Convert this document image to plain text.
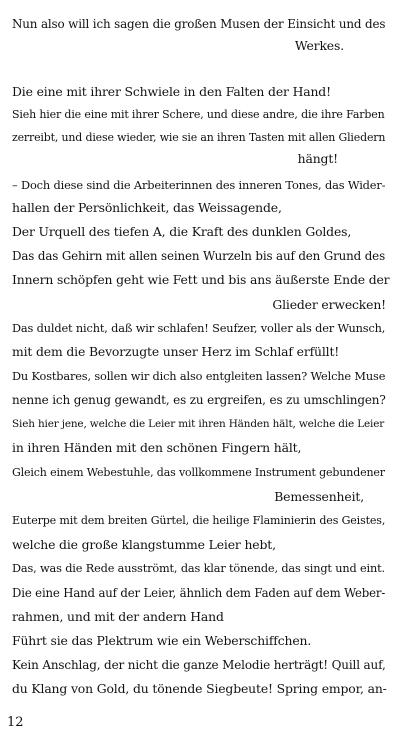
Nun also will ich sagen die großen Musen der Einsicht und des
Werkes.
Die eine mit ihrer Schwiele in den Falten der Hand!
Sieh hier die eine mit ihrer Schere, und diese andre, die ihre Farben
zerreibt, und diese wieder, wie sie an ihren Tasten mit allen Gliedern
hängt!
– Doch diese sind die Arbeiterinnen des inneren Tones, das Wider-
hallen der Persönlichkeit, das Weissagende,
Der Urquell des tiefen A, die Kraft des dunklen Goldes,
Das das Gehirn mit allen seinen Wurzeln bis auf den Grund des
Innern schöpfen geht wie Fett und bis ans äußerste Ende der
Glieder erwecken!
Das duldet nicht, daß wir schlafen! Seufzer, voller als der Wunsch,
mit dem die Bevorzugte unser Herz im Schlaf erfüllt!
Du Kostbares, sollen wir dich also entgleiten lassen? Welche Muse
nenne ich genug gewandt, es zu ergreifen, es zu umschlingen?
Sieh hier jene, welche die Leier mit ihren Händen hält, welche die Leier
in ihren Händen mit den schönen Fingern hält,
Gleich einem Webestuhle, das vollkommene Instrument gebundener
Bemessenheit,
Euterpe mit dem breiten Gürtel, die heilige Flaminierin des Geistes,
welche die große klangstumme Leier hebt,
Das, was die Rede ausströmt, das klar tönende, das singt und eint.
Die eine Hand auf der Leier, ähnlich dem Faden auf dem Weber-
rahmen, und mit der andern Hand
Führt sie das Plektrum wie ein Weberschiffchen.
Kein Anschlag, der nicht die ganze Melodie herträgt! Quill auf,
du Klang von Gold, du tönende Siegbeute! Spring empor, an-
12
